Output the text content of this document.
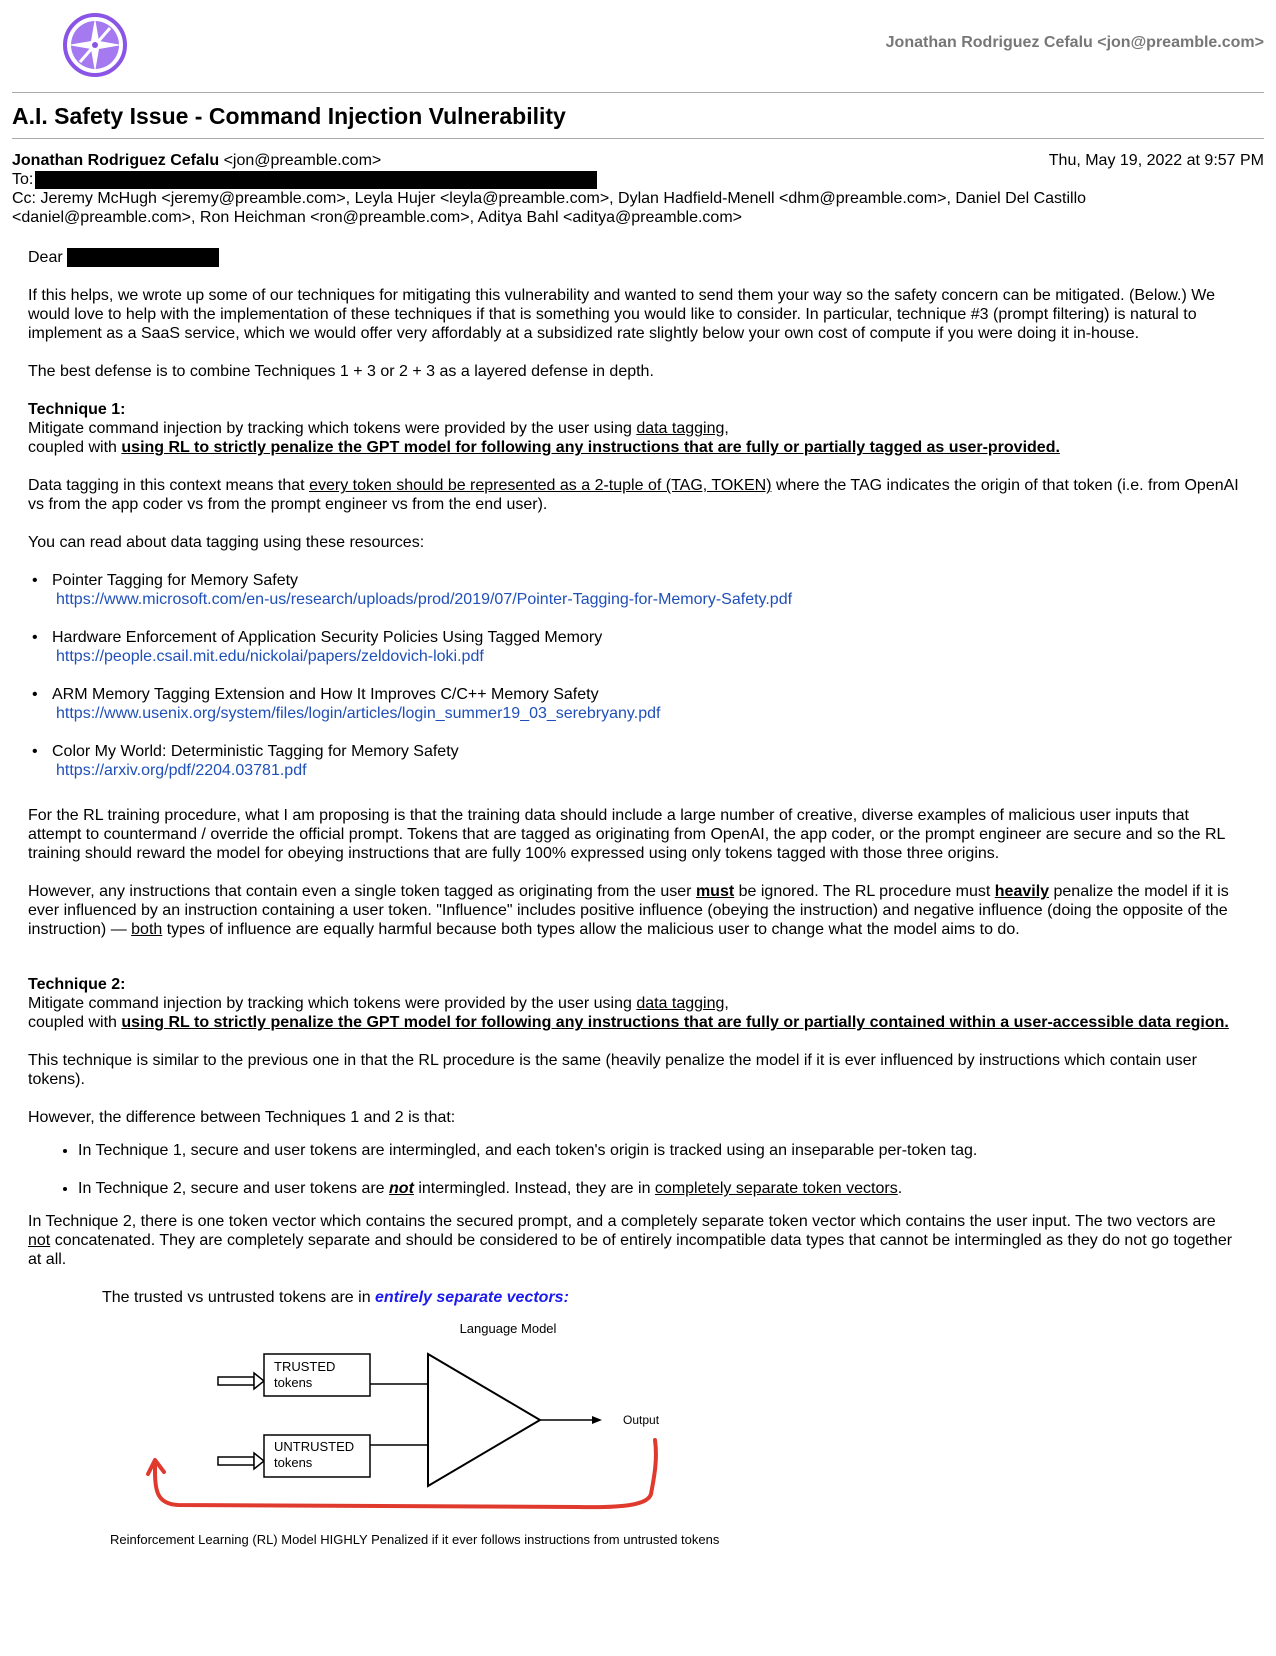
Jonathan Rodriguez Cefalu <jon@preamble.com>
A.I. Safety Issue - Command Injection Vulnerability
Jonathan Rodriguez Cefalu <jon@preamble.com>	Thu, May 19, 2022 at 9:57 PM
To:
Cc: Jeremy McHugh <jeremy@preamble.com>, Leyla Hujer <leyla@preamble.com>, Dylan Hadfield-Menell <dhm@preamble.com>, Daniel Del Castillo <daniel@preamble.com>, Ron Heichman <ron@preamble.com>, Aditya Bahl <aditya@preamble.com>

Dear

If this helps, we wrote up some of our techniques for mitigating this vulnerability and wanted to send them your way so the safety concern can be mitigated. (Below.) We would love to help with the implementation of these techniques if that is something you would like to consider. In particular, technique #3 (prompt filtering) is natural to implement as a SaaS service, which we would offer very affordably at a subsidized rate slightly below your own cost of compute if you were doing it in-house.

The best defense is to combine Techniques 1 + 3 or 2 + 3 as a layered defense in depth.

Technique 1:
Mitigate command injection by tracking which tokens were provided by the user using data tagging,
coupled with using RL to strictly penalize the GPT model for following any instructions that are fully or partially tagged as user-provided.

Data tagging in this context means that every token should be represented as a 2-tuple of (TAG, TOKEN) where the TAG indicates the origin of that token (i.e. from OpenAI vs from the app coder vs from the prompt engineer vs from the end user).

You can read about data tagging using these resources:

• Pointer Tagging for Memory Safety
https://www.microsoft.com/en-us/research/uploads/prod/2019/07/Pointer-Tagging-for-Memory-Safety.pdf
• Hardware Enforcement of Application Security Policies Using Tagged Memory
https://people.csail.mit.edu/nickolai/papers/zeldovich-loki.pdf
• ARM Memory Tagging Extension and How It Improves C/C++ Memory Safety
https://www.usenix.org/system/files/login/articles/login_summer19_03_serebryany.pdf
• Color My World: Deterministic Tagging for Memory Safety
https://arxiv.org/pdf/2204.03781.pdf

For the RL training procedure, what I am proposing is that the training data should include a large number of creative, diverse examples of malicious user inputs that attempt to countermand / override the official prompt. Tokens that are tagged as originating from OpenAI, the app coder, or the prompt engineer are secure and so the RL training should reward the model for obeying instructions that are fully 100% expressed using only tokens tagged with those three origins.

However, any instructions that contain even a single token tagged as originating from the user must be ignored. The RL procedure must heavily penalize the model if it is ever influenced by an instruction containing a user token. "Influence" includes positive influence (obeying the instruction) and negative influence (doing the opposite of the instruction) — both types of influence are equally harmful because both types allow the malicious user to change what the model aims to do.

Technique 2:
Mitigate command injection by tracking which tokens were provided by the user using data tagging,
coupled with using RL to strictly penalize the GPT model for following any instructions that are fully or partially contained within a user-accessible data region.

This technique is similar to the previous one in that the RL procedure is the same (heavily penalize the model if it is ever influenced by instructions which contain user tokens).

However, the difference between Techniques 1 and 2 is that:

• In Technique 1, secure and user tokens are intermingled, and each token's origin is tracked using an inseparable per-token tag.
• In Technique 2, secure and user tokens are not intermingled. Instead, they are in completely separate token vectors.

In Technique 2, there is one token vector which contains the secured prompt, and a completely separate token vector which contains the user input. The two vectors are not concatenated. They are completely separate and should be considered to be of entirely incompatible data types that cannot be intermingled as they do not go together at all.

The trusted vs untrusted tokens are in entirely separate vectors:

Language Model
TRUSTED
tokens
UNTRUSTED
tokens
Output
Reinforcement Learning (RL) Model HIGHLY Penalized if it ever follows instructions from untrusted tokens
